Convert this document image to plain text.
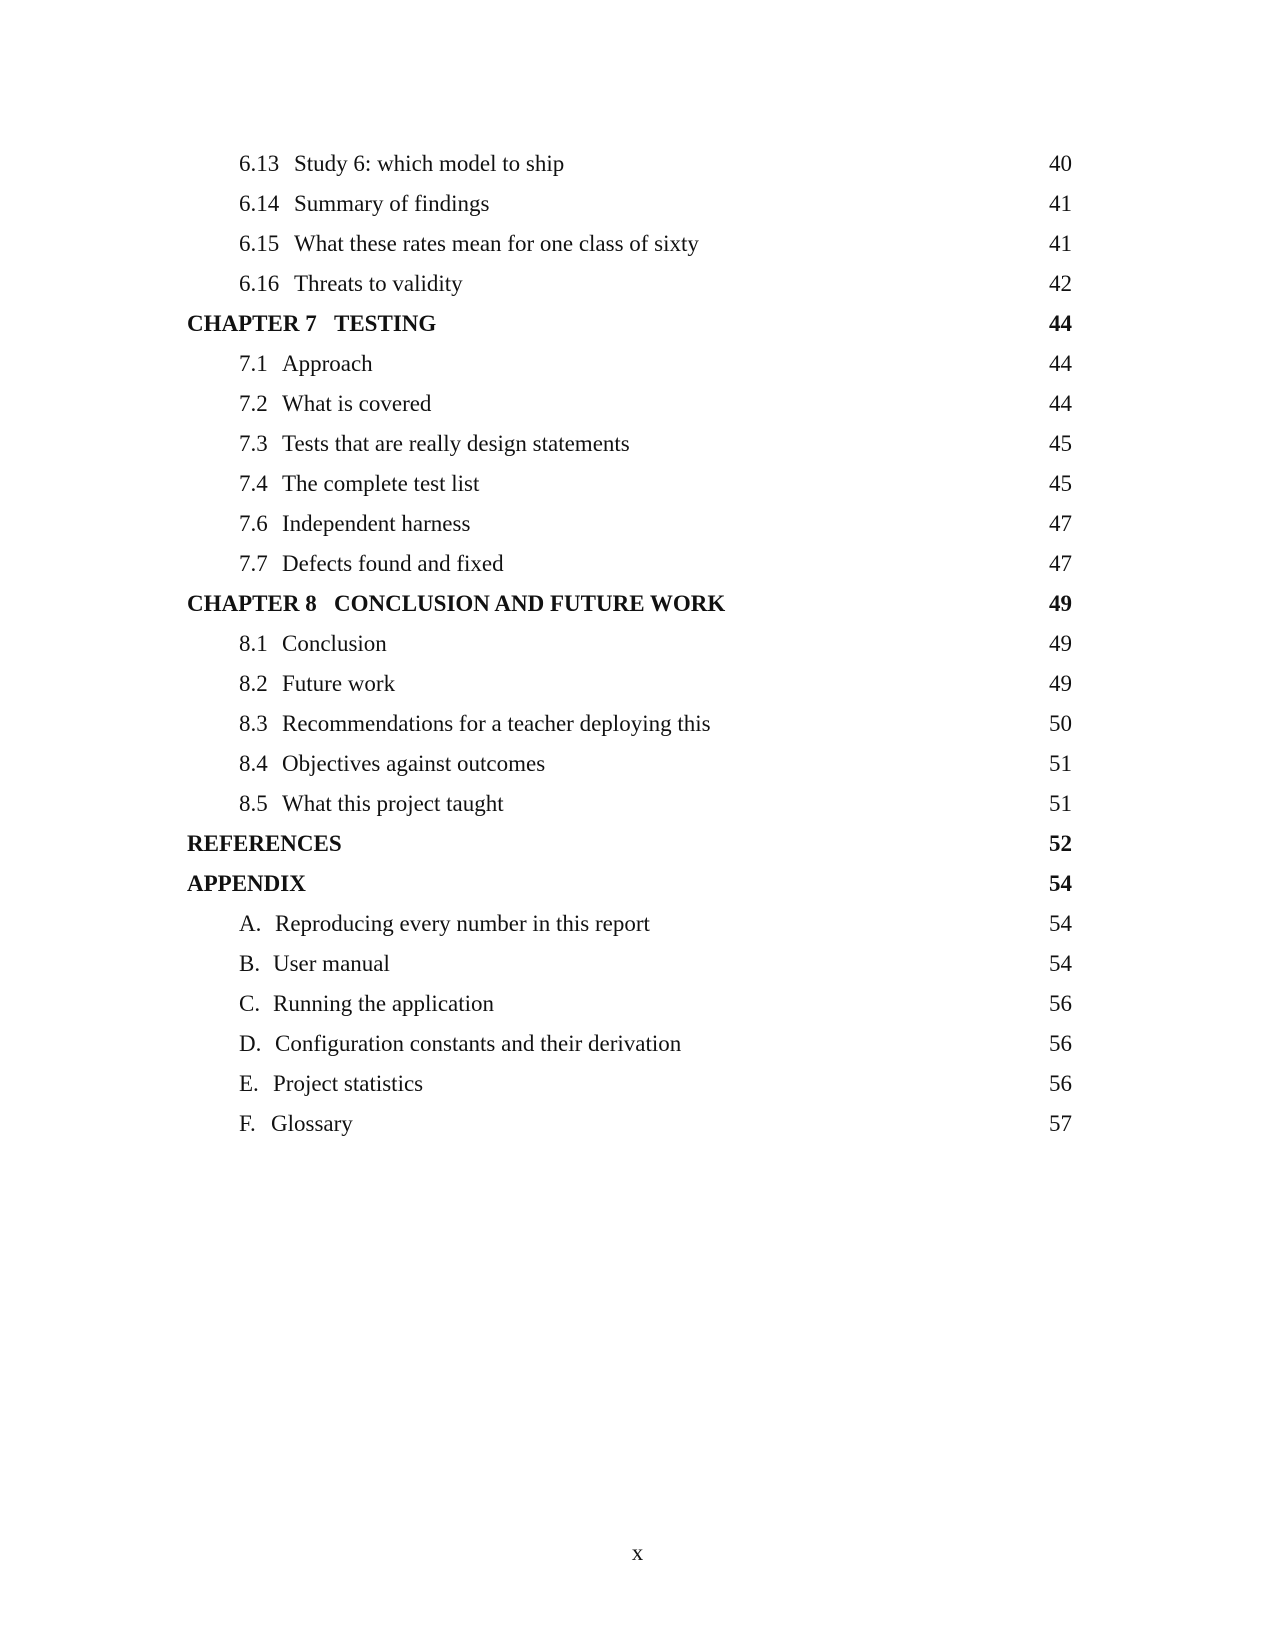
6.13 Study 6: which model to ship	40
6.14 Summary of findings	41
6.15 What these rates mean for one class of sixty	41
6.16 Threats to validity	42
CHAPTER 7 TESTING	44
7.1 Approach	44
7.2 What is covered	44
7.3 Tests that are really design statements	45
7.4 The complete test list	45
7.6 Independent harness	47
7.7 Defects found and fixed	47
CHAPTER 8 CONCLUSION AND FUTURE WORK	49
8.1 Conclusion	49
8.2 Future work	49
8.3 Recommendations for a teacher deploying this	50
8.4 Objectives against outcomes	51
8.5 What this project taught	51
REFERENCES	52
APPENDIX	54
A. Reproducing every number in this report	54
B. User manual	54
C. Running the application	56
D. Configuration constants and their derivation	56
E. Project statistics	56
F. Glossary	57
x
